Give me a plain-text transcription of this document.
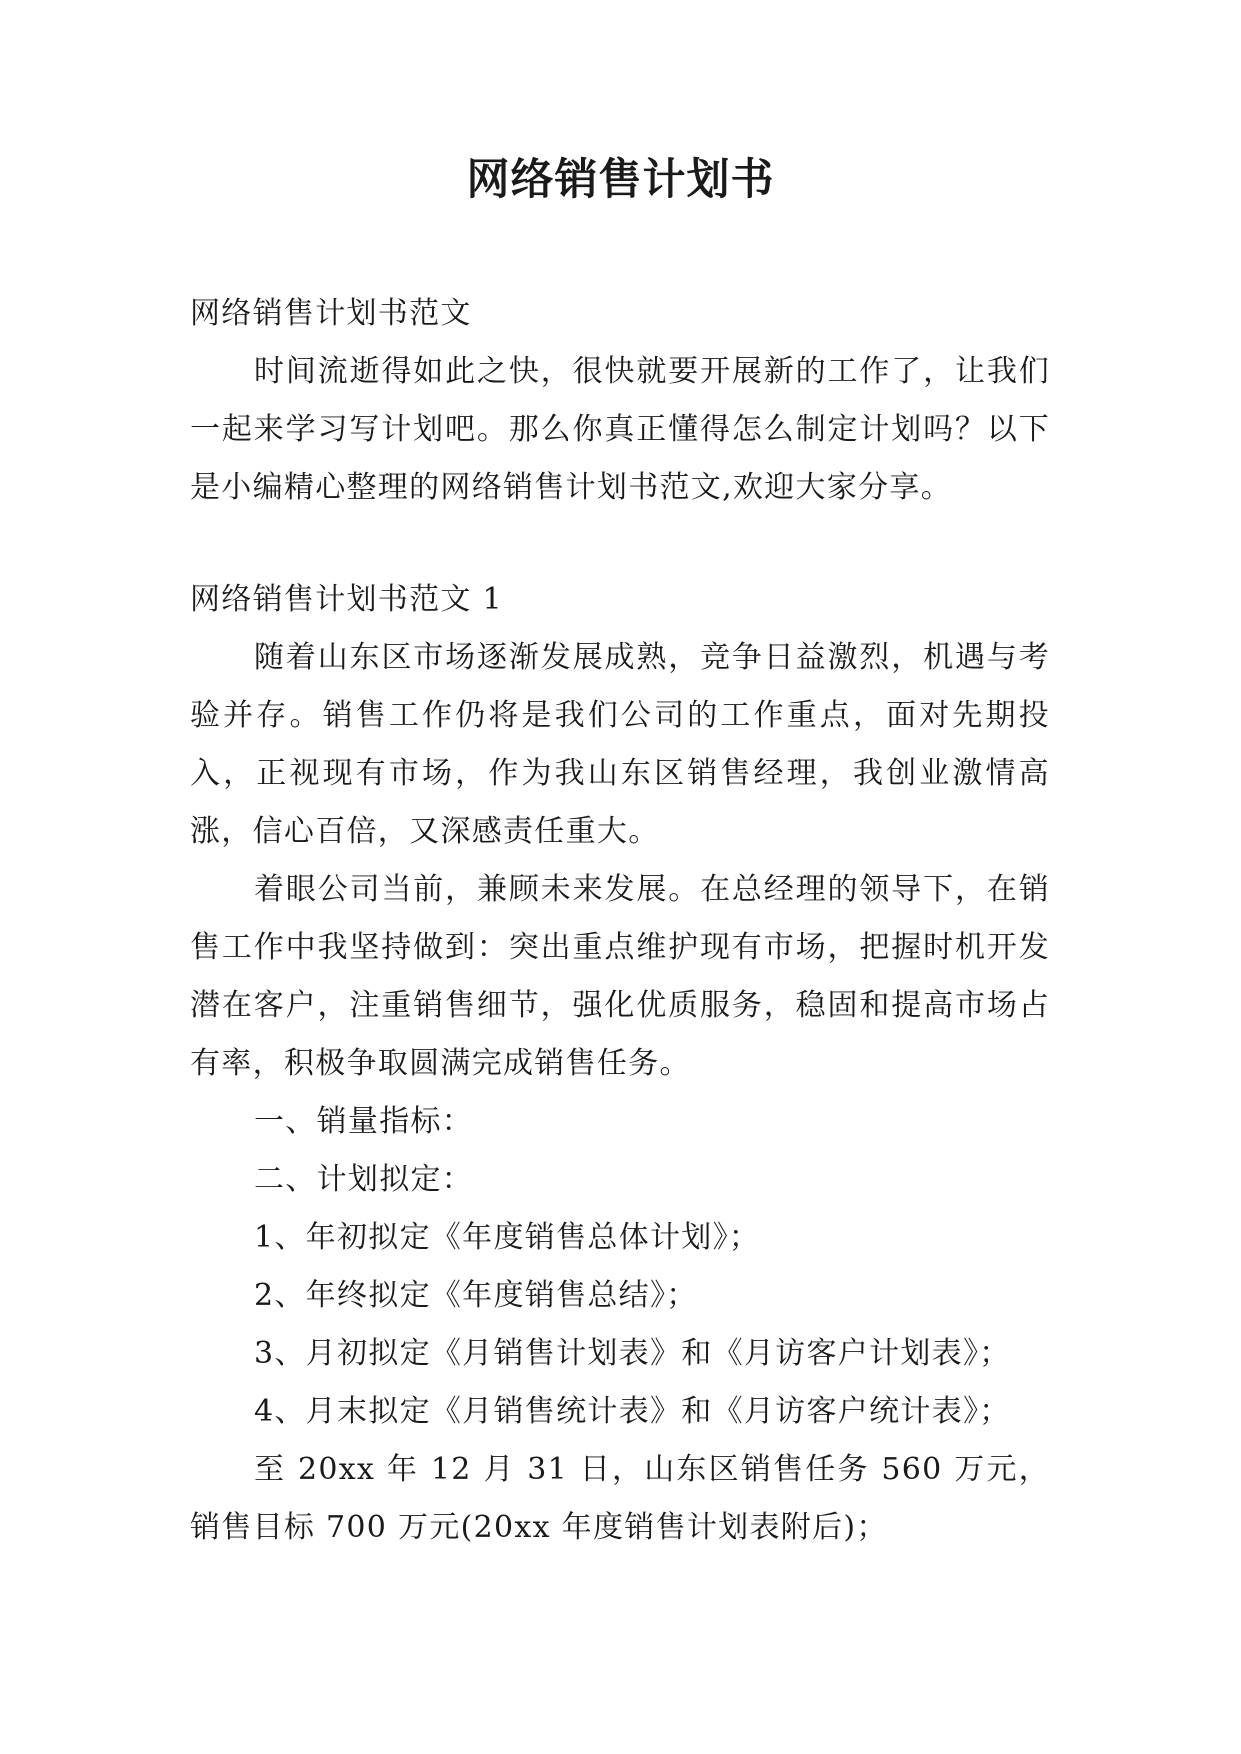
网络销售计划书

网络销售计划书范文

时间流逝得如此之快，很快就要开展新的工作了，让我们一起来学习写计划吧。那么你真正懂得怎么制定计划吗？以下是小编精心整理的网络销售计划书范文,欢迎大家分享。

网络销售计划书范文 1

随着山东区市场逐渐发展成熟，竞争日益激烈，机遇与考验并存。销售工作仍将是我们公司的工作重点，面对先期投入，正视现有市场，作为我山东区销售经理，我创业激情高涨，信心百倍，又深感责任重大。

着眼公司当前，兼顾未来发展。在总经理的领导下，在销售工作中我坚持做到：突出重点维护现有市场，把握时机开发潜在客户，注重销售细节，强化优质服务，稳固和提高市场占有率，积极争取圆满完成销售任务。

一、销量指标：

二、计划拟定：

1、年初拟定《年度销售总体计划》；

2、年终拟定《年度销售总结》；

3、月初拟定《月销售计划表》和《月访客户计划表》；

4、月末拟定《月销售统计表》和《月访客户统计表》；

至 20xx 年 12 月 31 日，山东区销售任务 560 万元，销售目标 700 万元(20xx 年度销售计划表附后)；
